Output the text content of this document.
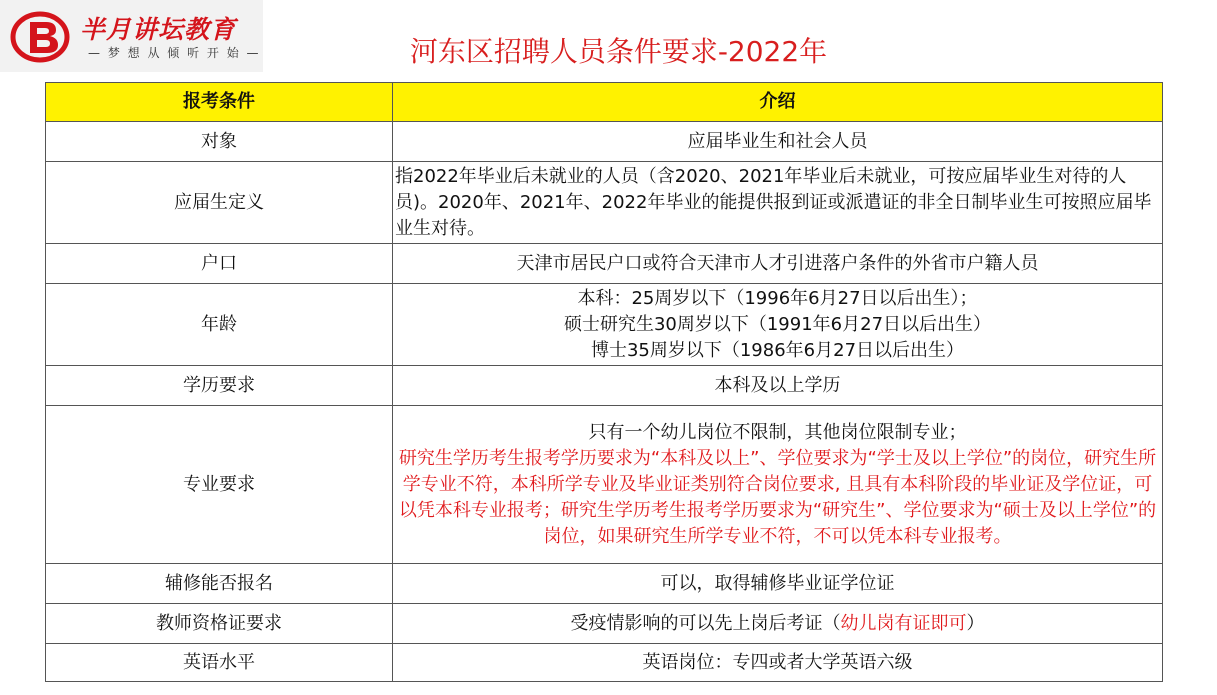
半月讲坛教育
— 梦 想 从 倾 听 开 始 —	河东区招聘人员条件要求-2022年
报考条件	介绍
对象	应届毕业生和社会人员
应届生定义	指2022年毕业后未就业的人员（含2020、2021年毕业后未就业，可按应届毕业生对待的人员)。2020年、2021年、2022年毕业的能提供报到证或派遣证的非全日制毕业生可按照应届毕业生对待。
户口	天津市居民户口或符合天津市人才引进落户条件的外省市户籍人员
年龄	本科：25周岁以下（1996年6月27日以后出生）；
硕士研究生30周岁以下（1991年6月27日以后出生）
博士35周岁以下（1986年6月27日以后出生）

学历要求	本科及以上学历
专业要求	只有一个幼儿岗位不限制，其他岗位限制专业；
研究生学历考生报考学历要求为“本科及以上”、学位要求为“学士及以上学位”的岗位，研究生所学专业不符，本科所学专业及毕业证类别符合岗位要求, 且具有本科阶段的毕业证及学位证，可以凭本科专业报考；研究生学历考生报考学历要求为“研究生”、学位要求为“硕士及以上学位”的岗位，如果研究生所学专业不符，不可以凭本科专业报考。

辅修能否报名	可以，取得辅修毕业证学位证
教师资格证要求	受疫情影响的可以先上岗后考证（幼儿岗有证即可）
英语水平	英语岗位：专四或者大学英语六级
